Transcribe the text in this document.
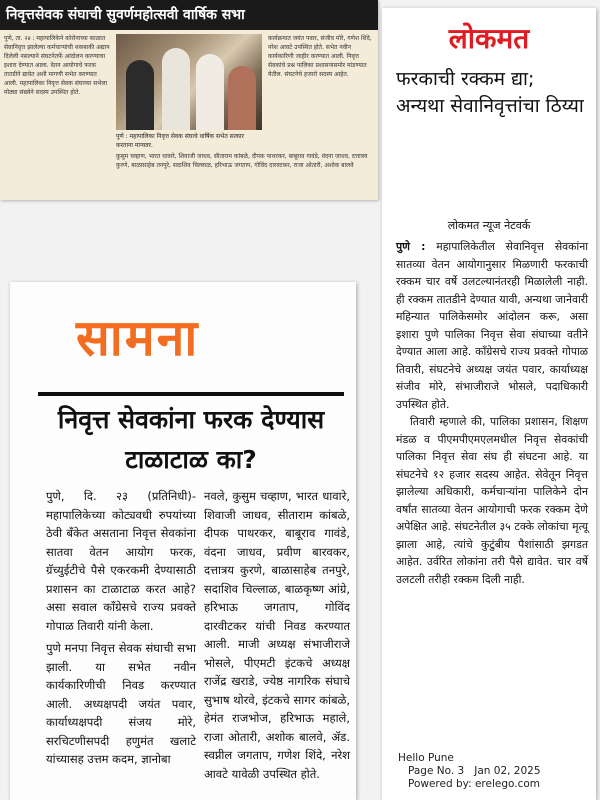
निवृत्तसेवक संघाची सुवर्णमहोत्सवी वार्षिक सभा
पुणे, ता. २४ : महापालिकेने कोरोनाच्या काळात सेवानिवृत्त झालेल्या कर्मचाऱ्यांची थकबाकी अद्याप दिलेली नसल्याने संघटनेतर्फे आंदोलन करण्याचा इशारा देण्यात आला. वेतन आयोगाचे फरक तातडीने द्यावेत अशी मागणी सभेत करण्यात आली. महापालिका निवृत्त सेवक संघाच्या सभेला मोठ्या संख्येने सदस्य उपस्थित होते.
पुणे : महापालिका निवृत्त सेवक संघाचे वार्षिक सभेत सत्कार करताना मान्यवर.
कार्यक्रमात जयंत पवार, संजीव मोरे, गणेश शिंदे, नरेश आवटे उपस्थित होते. सभेत नवीन कार्यकारिणी जाहीर करण्यात आली. निवृत्त सेवकांचे प्रश्न पालिका प्रशासनासमोर मांडण्यात येतील. संघटनेचे हजारो सदस्य आहेत.
कुसुम चव्हाण, भारत धावारे, शिवाजी जाधव, सीताराम कांबळे, दीपक पाथरकर, बाबूराव गावंडे, वंदना जाधव, दत्तात्रय कुरणे, बाळासाहेब तनपुरे, सदाशिव चिल्लाळ, हरिभाऊ जगताप, गोविंद दारवटकर, राजा ओतारी, अशोक बालवे
सामना
निवृत्त सेवकांना फरक देण्यास टाळाटाळ का?

पुणे, दि. २३ (प्रतिनिधी)- महापालिकेच्या कोट्यवधी रुपयांच्या ठेवी बँकेत असताना निवृत्त सेवकांना सातवा वेतन आयोग फरक, ग्रॅच्युईटीचे पैसे एकरकमी देण्यासाठी प्रशासन का टाळाटाळ करत आहे? असा सवाल कॉंग्रेसचे राज्य प्रवक्ते गोपाळ तिवारी यांनी केला.

पुणे मनपा निवृत्त सेवक संघाची सभा झाली. या सभेत नवीन कार्यकारिणीची निवड करण्यात आली. अध्यक्षपदी जयंत पवार, कार्याध्यक्षपदी संजय मोरे, सरचिटणीसपदी हणुमंत खलाटे यांच्यासह उत्तम कदम, ज्ञानोबा

नवले, कुसुम चव्हाण, भारत धावारे, शिवाजी जाधव, सीताराम कांबळे, दीपक पाथरकर, बाबूराव गावंडे, वंदना जाधव, प्रवीण बारवकर, दत्तात्रय कुरणे, बाळासाहेब तनपुरे, सदाशिव चिल्लाळ, बाळकृष्ण आंग्रे, हरिभाऊ जगताप, गोविंद दारवीटकर यांची निवड करण्यात आली. माजी अध्यक्ष संभाजीराजे भोसले, पीएमटी इंटकचे अध्यक्ष राजेंद्र खराडे, ज्येष्ठ नागरिक संघाचे सुभाष थोरवे, इंटकचे सागर कांबळे, हेमंत राजभोज, हरिभाऊ महाले, राजा ओतारी, अशोक बालवे, ॲड. स्वप्नील जगताप, गणेश शिंदे, नरेश आवटे यावेळी उपस्थित होते.

लोकमत
फरकाची रक्कम द्या; अन्यथा सेवानिवृत्तांचा ठिय्या
लोकमत न्यूज नेटवर्क

पुणे : महापालिकेतील सेवानिवृत्त सेवकांना सातव्या वेतन आयोगानुसार मिळणारी फरकाची रक्कम चार वर्षे उलटल्यानंतरही मिळालेली नाही. ही रक्कम तातडीने देण्यात यावी, अन्यथा जानेवारी महिन्यात पालिकेसमोर आंदोलन करू, असा इशारा पुणे पालिका निवृत्त सेवा संघाच्या वतीने देण्यात आला आहे. कॉंग्रेसचे राज्य प्रवक्ते गोपाळ तिवारी, संघटनेचे अध्यक्ष जयंत पवार, कार्याध्यक्ष संजीव मोरे, संभाजीराजे भोसले, पदाधिकारी उपस्थित होते.

तिवारी म्हणाले की, पालिका प्रशासन, शिक्षण मंडळ व पीएमपीएमएलमधील निवृत्त सेवकांची पालिका निवृत्त सेवा संघ ही संघटना आहे. या संघटनेचे १२ हजार सदस्य आहेत. सेवेतून निवृत्त झालेल्या अधिकारी, कर्मचाऱ्यांना पालिकेने दोन वर्षांत सातव्या वेतन आयोगाची फरक रक्कम देणे अपेक्षित आहे. संघटनेतील ३५ टक्के लोकांचा मृत्यू झाला आहे, त्यांचे कुटुंबीय पैशांसाठी झगडत आहेत. उर्वरित लोकांना तरी पैसे द्यावेत. चार वर्षे उलटली तरीही रक्कम दिली नाही.

Hello Pune
Page No. 3 Jan 02, 2025
Powered by: erelego.com
